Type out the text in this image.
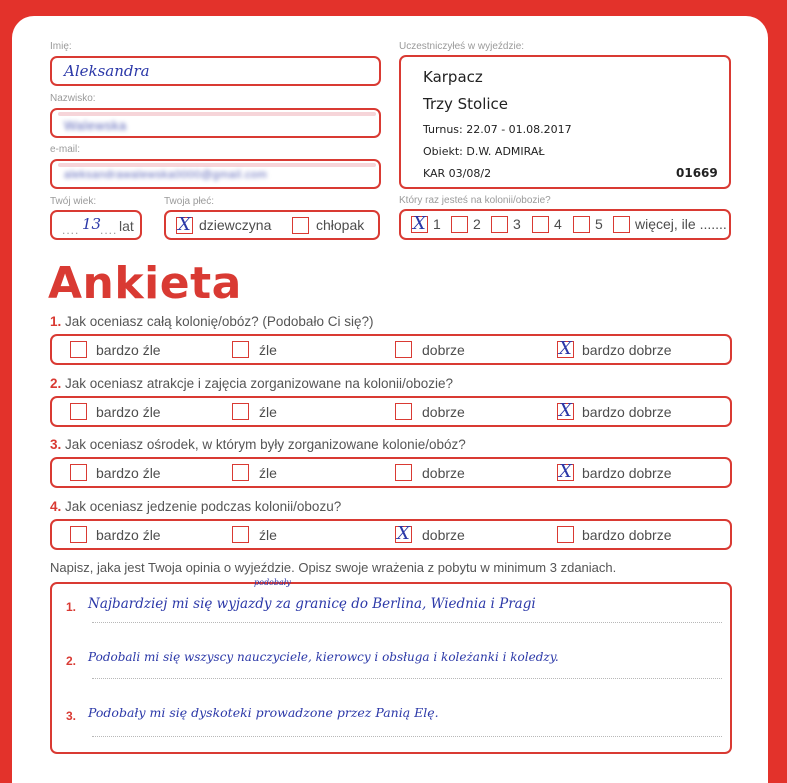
Imię:
Aleksandra
Nazwisko:
Walewska
e-mail:
aleksandrawalewska0000@gmail.com
Twój wiek:
.... 13
.... lat
Twoja płeć:
X dziewczyna	chłopak
Uczestniczyłeś w wyjeździe:
Karpacz
Trzy Stolice
Turnus: 22.07 - 01.08.2017
Obiekt: D.W. ADMIRAŁ
KAR 03/08/2	01669
Który raz jesteś na kolonii/obozie?
X 1 2 3 4 5 więcej, ile .......
Ankieta
1. Jak oceniasz całą kolonię/obóz? (Podobało Ci się?)
bardzo źle	źle	dobrze	X bardzo dobrze
2. Jak oceniasz atrakcje i zajęcia zorganizowane na kolonii/obozie?
bardzo źle	źle	dobrze	X bardzo dobrze
3. Jak oceniasz ośrodek, w którym były zorganizowane kolonie/obóz?
bardzo źle	źle	dobrze	X bardzo dobrze
4. Jak oceniasz jedzenie podczas kolonii/obozu?
bardzo źle	źle	X dobrze	bardzo dobrze
Napisz, jaka jest Twoja opinia o wyjeździe. Opisz swoje wrażenia z pobytu w minimum 3 zdaniach.
1. Najbardziej mi się wyjazdy za granicę do Berlina, Wiednia i Pragi
podobały
2. Podobali mi się wszyscy nauczyciele, kierowcy i obsługa i koleżanki i koledzy.
3. Podobały mi się dyskoteki prowadzone przez Panią Elę.
